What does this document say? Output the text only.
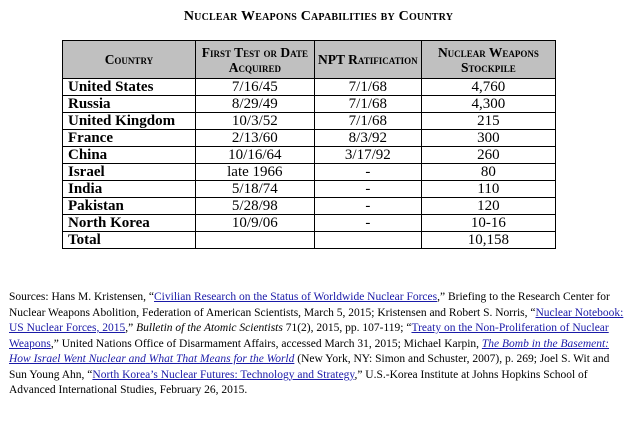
Nuclear Weapons Capabilities by Country
Country	First Test or Date Acquired	NPT Ratification	Nuclear Weapons Stockpile
United States	7/16/45	7/1/68	4,760
Russia	8/29/49	7/1/68	4,300
United Kingdom	10/3/52	7/1/68	215
France	2/13/60	8/3/92	300
China	10/16/64	3/17/92	260
Israel	late 1966	-	80
India	5/18/74	-	110
Pakistan	5/28/98	-	120
North Korea	10/9/06	-	10-16
Total			10,158
Sources: Hans M. Kristensen, “Civilian Research on the Status of Worldwide Nuclear Forces,” Briefing to the Research Center for Nuclear Weapons Abolition, Federation of American Scientists, March 5, 2015; Kristensen and Robert S. Norris, “Nuclear Notebook: US Nuclear Forces, 2015,” Bulletin of the Atomic Scientists 71(2), 2015, pp. 107-119; “Treaty on the Non-Proliferation of Nuclear Weapons,” United Nations Office of Disarmament Affairs, accessed March 31, 2015; Michael Karpin, The Bomb in the Basement: How Israel Went Nuclear and What That Means for the World (New York, NY: Simon and Schuster, 2007), p. 269; Joel S. Wit and Sun Young Ahn, “North Korea’s Nuclear Futures: Technology and Strategy,” U.S.-Korea Institute at Johns Hopkins School of Advanced International Studies, February 26, 2015.
